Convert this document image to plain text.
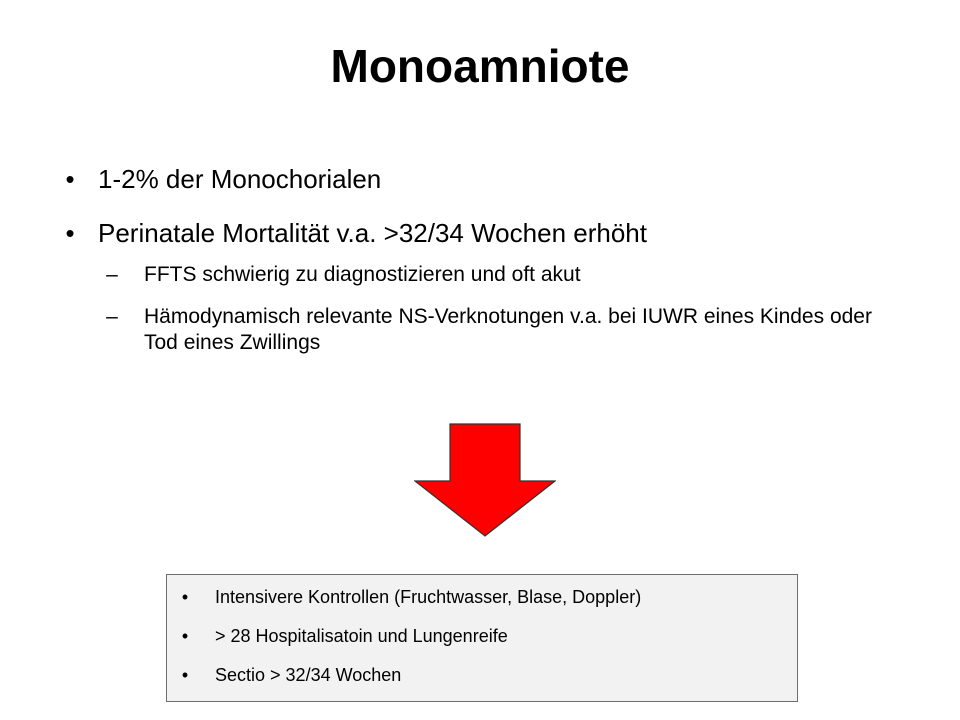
Monoamniote
• 1-2% der Monochorialen
• Perinatale Mortalität v.a. >32/34 Wochen erhöht
–	FFTS schwierig zu diagnostizieren und oft akut
–	Hämodynamisch relevante NS-Verknotungen v.a. bei IUWR eines Kindes oder Tod eines Zwillings
• Intensivere Kontrollen (Fruchtwasser, Blase, Doppler)
• > 28 Hospitalisatoin und Lungenreife
• Sectio > 32/34 Wochen
